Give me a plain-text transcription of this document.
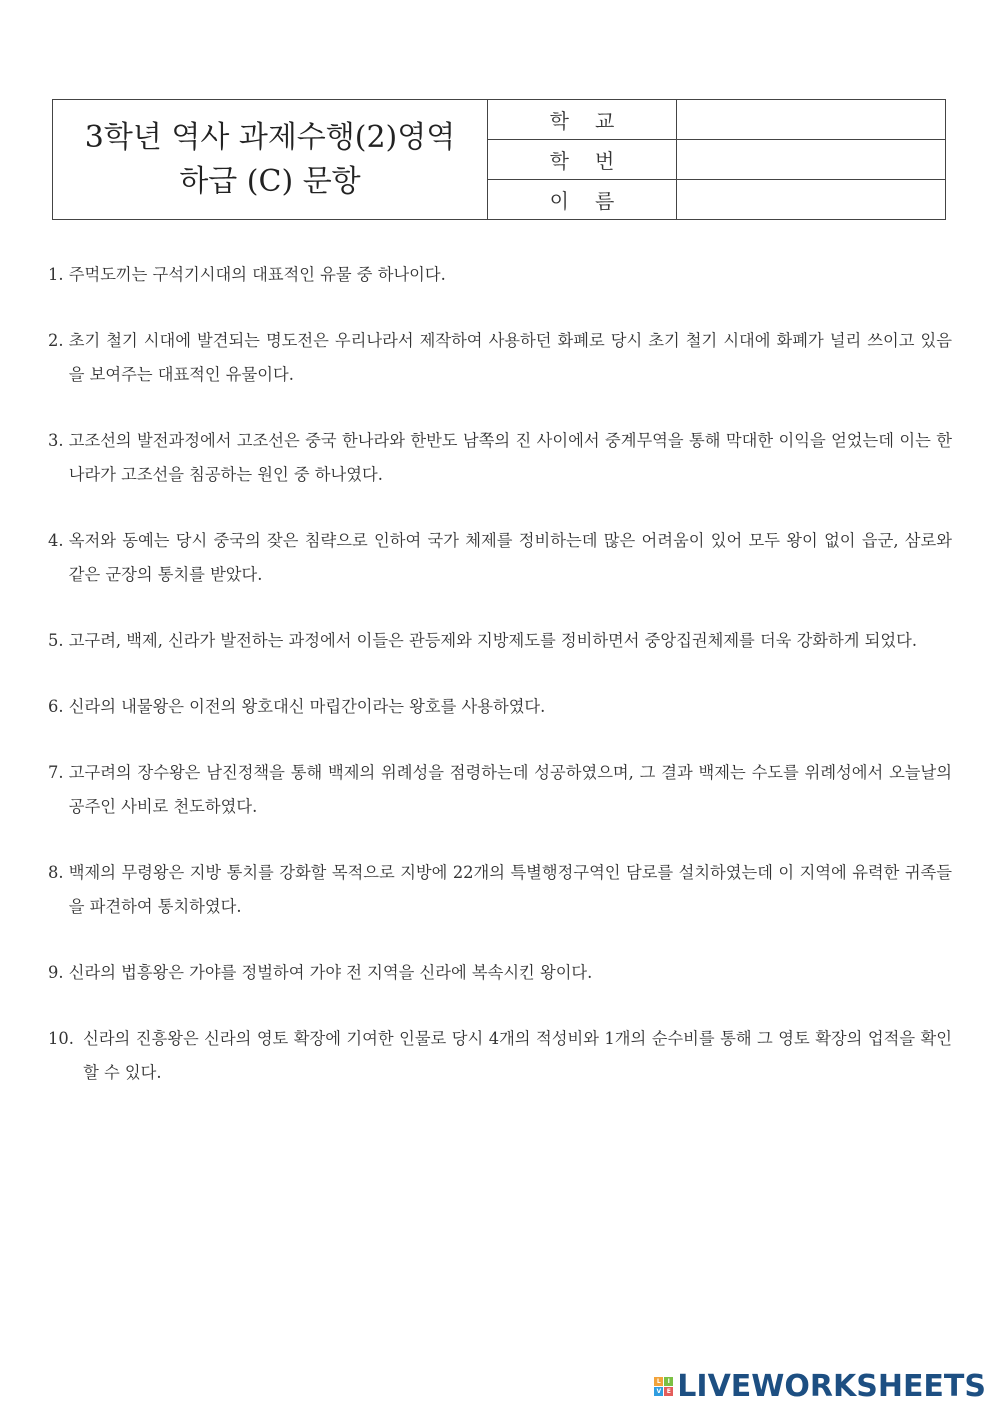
3학년 역사 과제수행(2)영역
하급 (C) 문항	학교	
	학번	
	이름	
1.
주먹도끼는 구석기시대의 대표적인 유물 중 하나이다.
2.
초기 철기 시대에 발견되는 명도전은 우리나라서 제작하여 사용하던 화폐로 당시 초기 철기 시대에 화폐가 널리 쓰이고 있음을 보여주는 대표적인 유물이다.
3.
고조선의 발전과정에서 고조선은 중국 한나라와 한반도 남쪽의 진 사이에서 중계무역을 통해 막대한 이익을 얻었는데 이는 한나라가 고조선을 침공하는 원인 중 하나였다.
4.
옥저와 동예는 당시 중국의 잦은 침략으로 인하여 국가 체제를 정비하는데 많은 어려움이 있어 모두 왕이 없이 읍군, 삼로와 같은 군장의 통치를 받았다.
5.
고구려, 백제, 신라가 발전하는 과정에서 이들은 관등제와 지방제도를 정비하면서 중앙집권체제를 더욱 강화하게 되었다.
6.
신라의 내물왕은 이전의 왕호대신 마립간이라는 왕호를 사용하였다.
7.
고구려의 장수왕은 남진정책을 통해 백제의 위례성을 점령하는데 성공하였으며, 그 결과 백제는 수도를 위례성에서 오늘날의 공주인 사비로 천도하였다.
8.
백제의 무령왕은 지방 통치를 강화할 목적으로 지방에 22개의 특별행정구역인 담로를 설치하였는데 이 지역에 유력한 귀족들을 파견하여 통치하였다.
9.
신라의 법흥왕은 가야를 정벌하여 가야 전 지역을 신라에 복속시킨 왕이다.
10.
신라의 진흥왕은 신라의 영토 확장에 기여한 인물로 당시 4개의 적성비와 1개의 순수비를 통해 그 영토 확장의 업적을 확인할 수 있다.
L	I
V E LIVEWORKSHEETS
